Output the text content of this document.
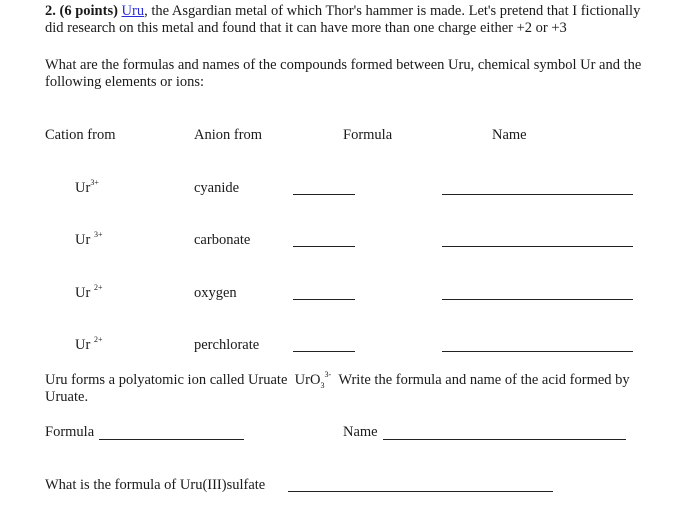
2. (6 points) Uru, the Asgardian metal of which Thor's hammer is made. Let's pretend that I fictionally
did research on this metal and found that it can have more than one charge either +2 or +3
What are the formulas and names of the compounds formed between Uru, chemical symbol Ur and the
following elements or ions:
Cation from	Anion from	Formula	Name
$Ur^{3+}$	cyanide
Ur $^{3+}$	carbonate
Ur $^{2+}$	oxygen
Ur $^{2+}$	perchlorate
Uru forms a polyatomic ion called Uruate UrO$_3^{3-}$ Write the formula and name of the acid formed by
Uruate.
Formula	Name
What is the formula of Uru(III)sulfate
